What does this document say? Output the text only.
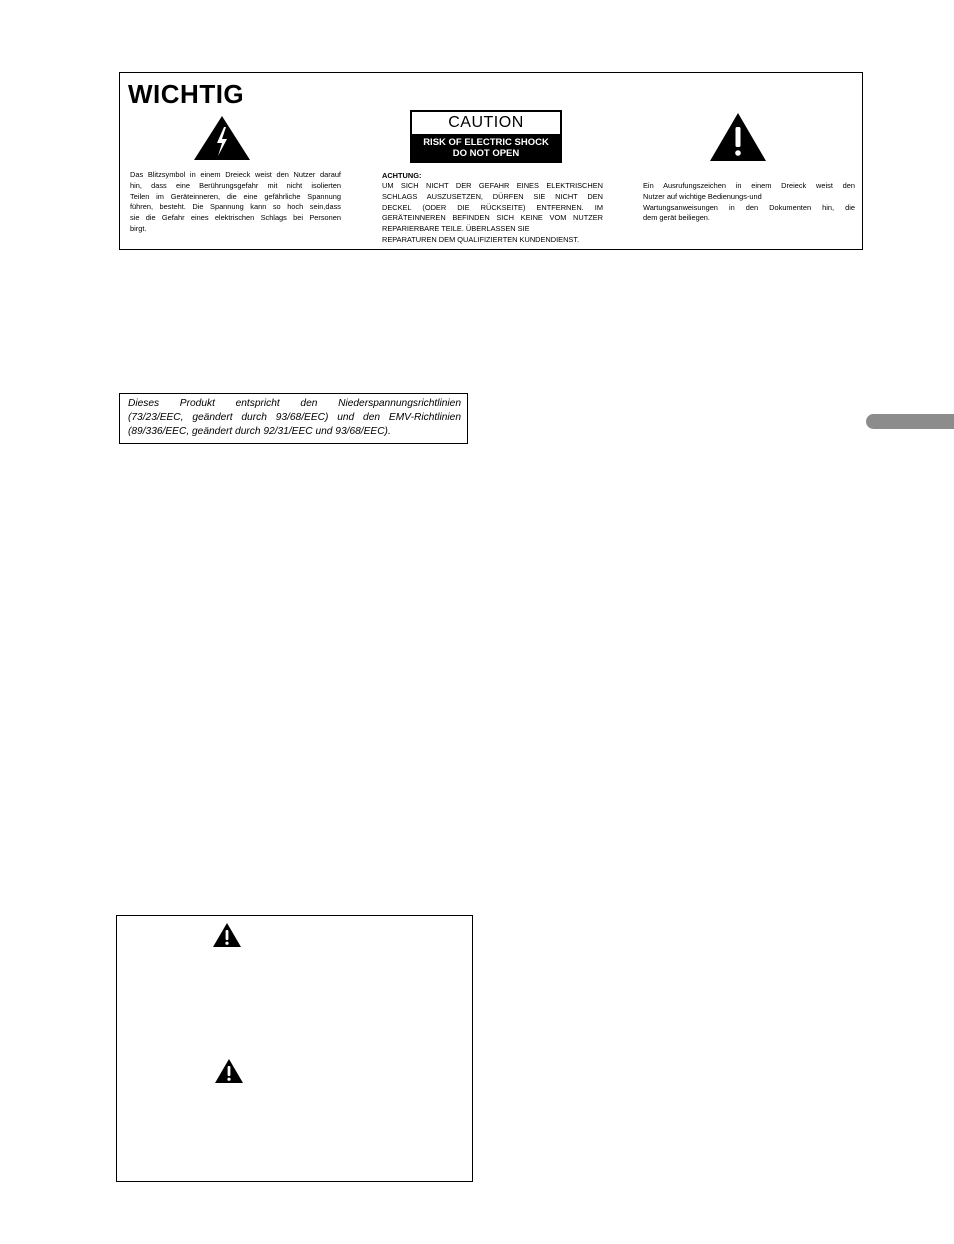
WICHTIG
CAUTION
RISK OF ELECTRIC SHOCK
DO NOT OPEN
Das Blitzsymbol in einem Dreieck weist den Nutzer darauf
hin, dass eine Berührungsgefahr mit nicht isolierten
Teilen im Geräteinneren, die eine gefährliche Spannung
führen, besteht. Die Spannung kann so hoch sein,dass
sie die Gefahr eines elektrischen Schlags bei Personen
birgt.
ACHTUNG:
UM SICH NICHT DER GEFAHR EINES ELEKTRISCHEN
SCHLAGS AUSZUSETZEN, DÜRFEN SIE NICHT DEN
DECKEL (ODER DIE RÜCKSEITE) ENTFERNEN. IM
GERÄTEINNEREN BEFINDEN SICH KEINE VOM NUTZER
REPARIERBARE TEILE. ÜBERLASSEN SIE
REPARATUREN DEM QUALIFIZIERTEN KUNDENDIENST.
Ein Ausrufungszeichen in einem Dreieck weist den
Nutzer auf wichtige Bedienungs-und
Wartungsanweisungen in den Dokumenten hin, die
dem gerät beiliegen.
Dieses Produkt entspricht den Niederspannungsrichtlinien
(73/23/EEC, geändert durch 93/68/EEC) und den EMV-Richtlinien
(89/336/EEC, geändert durch 92/31/EEC und 93/68/EEC).
